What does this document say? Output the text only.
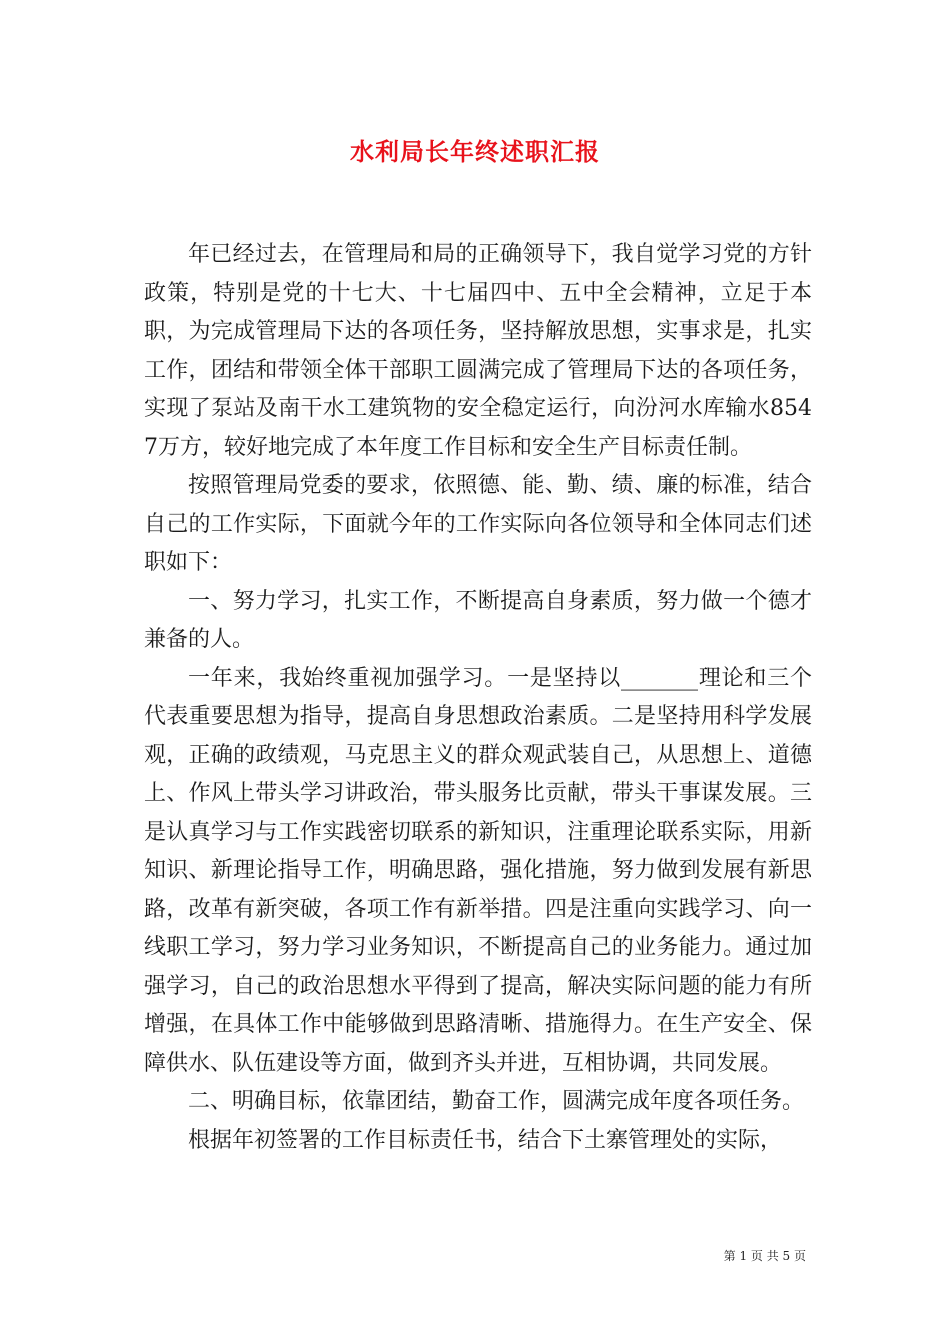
水利局长年终述职汇报

年已经过去，在管理局和局的正确领导下，我自觉学习党的方针政策，特别是党的十七大、十七届四中、五中全会精神，立足于本职，为完成管理局下达的各项任务，坚持解放思想，实事求是，扎实工作，团结和带领全体干部职工圆满完成了管理局下达的各项任务，实现了泵站及南干水工建筑物的安全稳定运行，向汾河水库输水8547万方，较好地完成了本年度工作目标和安全生产目标责任制。

按照管理局党委的要求，依照德、能、勤、绩、廉的标准，结合自己的工作实际，下面就今年的工作实际向各位领导和全体同志们述职如下：

一、努力学习，扎实工作，不断提高自身素质，努力做一个德才兼备的人。

一年来，我始终重视加强学习。一是坚持以_______理论和三个代表重要思想为指导，提高自身思想政治素质。二是坚持用科学发展观，正确的政绩观，马克思主义的群众观武装自己，从思想上、道德上、作风上带头学习讲政治，带头服务比贡献，带头干事谋发展。三是认真学习与工作实践密切联系的新知识，注重理论联系实际，用新知识、新理论指导工作，明确思路，强化措施，努力做到发展有新思路，改革有新突破，各项工作有新举措。四是注重向实践学习、向一线职工学习，努力学习业务知识，不断提高自己的业务能力。通过加强学习，自己的政治思想水平得到了提高，解决实际问题的能力有所增强，在具体工作中能够做到思路清晰、措施得力。在生产安全、保障供水、队伍建设等方面，做到齐头并进，互相协调，共同发展。

二、明确目标，依靠团结，勤奋工作，圆满完成年度各项任务。

根据年初签署的工作目标责任书，结合下土寨管理处的实际，

第 1 页 共 5 页
